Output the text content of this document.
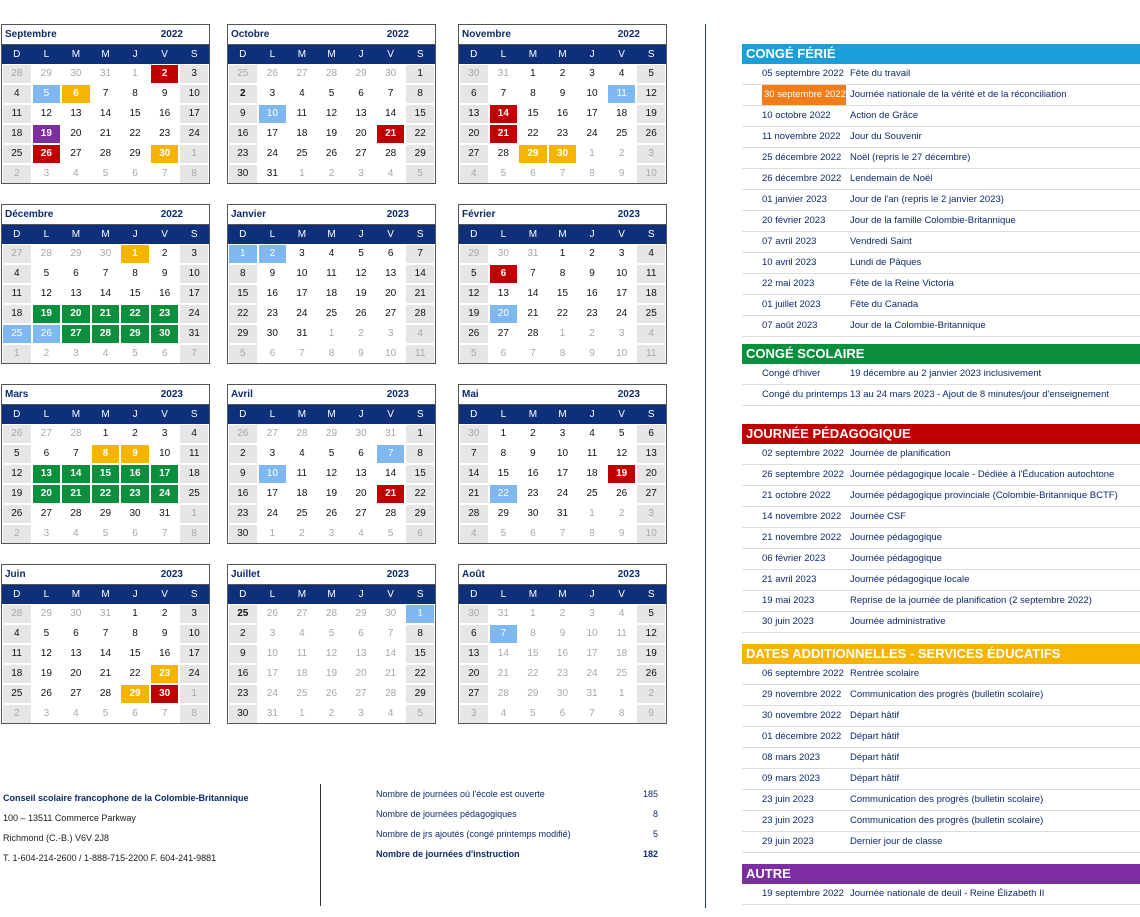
Septembre	2022
D	L	M	M	J	V	S
28	29	30	31	1	2	3
4	5	6	7	8	9	10
11	12	13	14	15	16	17
18	19	20	21	22	23	24
25	26	27	28	29	30	1
2	3	4	5	6	7	8
Octobre	2022
D	L	M	M	J	V	S
25	26	27	28	29	30	1
2	3	4	5	6	7	8
9	10	11	12	13	14	15
16	17	18	19	20	21	22
23	24	25	26	27	28	29
30	31	1	2	3	4	5
Novembre	2022
D	L	M	M	J	V	S
30	31	1	2	3	4	5
6	7	8	9	10	11	12
13	14	15	16	17	18	19
20	21	22	23	24	25	26
27	28	29	30	1	2	3
4	5	6	7	8	9	10
Décembre	2022
D	L	M	M	J	V	S
27	28	29	30	1	2	3
4	5	6	7	8	9	10
11	12	13	14	15	16	17
18	19	20	21	22	23	24
25	26	27	28	29	30	31
1	2	3	4	5	6	7
Janvier	2023
D	L	M	M	J	V	S
1	2	3	4	5	6	7
8	9	10	11	12	13	14
15	16	17	18	19	20	21
22	23	24	25	26	27	28
29	30	31	1	2	3	4
5	6	7	8	9	10	11
Février	2023
D	L	M	M	J	V	S
29	30	31	1	2	3	4
5	6	7	8	9	10	11
12	13	14	15	16	17	18
19	20	21	22	23	24	25
26	27	28	1	2	3	4
5	6	7	8	9	10	11
Mars	2023
D	L	M	M	J	V	S
26	27	28	1	2	3	4
5	6	7	8	9	10	11
12	13	14	15	16	17	18
19	20	21	22	23	24	25
26	27	28	29	30	31	1
2	3	4	5	6	7	8
Avril	2023
D	L	M	M	J	V	S
26	27	28	29	30	31	1
2	3	4	5	6	7	8
9	10	11	12	13	14	15
16	17	18	19	20	21	22
23	24	25	26	27	28	29
30	1	2	3	4	5	6
Mai	2023
D	L	M	M	J	V	S
30	1	2	3	4	5	6
7	8	9	10	11	12	13
14	15	16	17	18	19	20
21	22	23	24	25	26	27
28	29	30	31	1	2	3
4	5	6	7	8	9	10
Juin	2023
D	L	M	M	J	V	S
28	29	30	31	1	2	3
4	5	6	7	8	9	10
11	12	13	14	15	16	17
18	19	20	21	22	23	24
25	26	27	28	29	30	1
2	3	4	5	6	7	8
Juillet	2023
D	L	M	M	J	V	S
25	26	27	28	29	30	1
2	3	4	5	6	7	8
9	10	11	12	13	14	15
16	17	18	19	20	21	22
23	24	25	26	27	28	29
30	31	1	2	3	4	5
Août	2023
D	L	M	M	J	V	S
30	31	1	2	3	4	5
6	7	8	9	10	11	12
13	14	15	16	17	18	19
20	21	22	23	24	25	26
27	28	29	30	31	1	2
3	4	5	6	7	8	9
Conseil scolaire francophone de la Colombie-Britannique
100 – 13511 Commerce Parkway
Richmond (C.-B.) V6V 2J8
T. 1-604-214-2600 / 1-888-715-2200 F. 604-241-9881
Nombre de journées où l'école est ouverte	185
Nombre de journées pédagogiques	8
Nombre de jrs ajoutés (congé printemps modifié)	5
Nombre de journées d'instruction	182
CONGÉ FÉRIÉ
05 septembre 2022 Fête du travail
30 septembre 2022 Journée nationale de la vérité et de la réconciliation
10 octobre 2022	Action de Grâce
11 novembre 2022 Jour du Souvenir
25 décembre 2022 Noël (repris le 27 décembre)
26 décembre 2022 Lendemain de Noël
01 janvier 2023	Jour de l'an (repris le 2 janvier 2023)
20 février 2023	Jour de la famille Colombie-Britannique
07 avril 2023	Vendredi Saint
10 avril 2023	Lundi de Pâques
22 mai 2023	Fête de la Reine Victoria
01 juillet 2023	Fête du Canada
07 août 2023	Jour de la Colombie-Britannique
CONGÉ SCOLAIRE
Congé d'hiver	19 décembre au 2 janvier 2023 inclusivement
Congé du printemps 13 au 24 mars 2023 - Ajout de 8 minutes/jour d'enseignement
JOURNÉE PÉDAGOGIQUE
02 septembre 2022 Journée de planification
26 septembre 2022 Journée pédagogique locale - Dédiée à l'Éducation autochtone
21 octobre 2022	Journée pédagogique provinciale (Colombie-Britannique BCTF)
14 novembre 2022 Journée CSF
21 novembre 2022 Journée pédagogique
06 février 2023	Journée pédagogique
21 avril 2023	Journée pédagogique locale
19 mai 2023	Reprise de la journée de planification (2 septembre 2022)
30 juin 2023	Journée administrative
DATES ADDITIONNELLES - SERVICES ÉDUCATIFS
06 septembre 2022 Rentrée scolaire
29 novembre 2022 Communication des progrès (bulletin scolaire)
30 novembre 2022 Départ hâtif
01 décembre 2022 Départ hâtif
08 mars 2023	Départ hâtif
09 mars 2023	Départ hâtif
23 juin 2023	Communication des progrès (bulletin scolaire)
23 juin 2023	Communication des progrès (bulletin scolaire)
29 juin 2023	Dernier jour de classe
AUTRE
19 septembre 2022 Journée nationale de deuil - Reine Élizabeth II
